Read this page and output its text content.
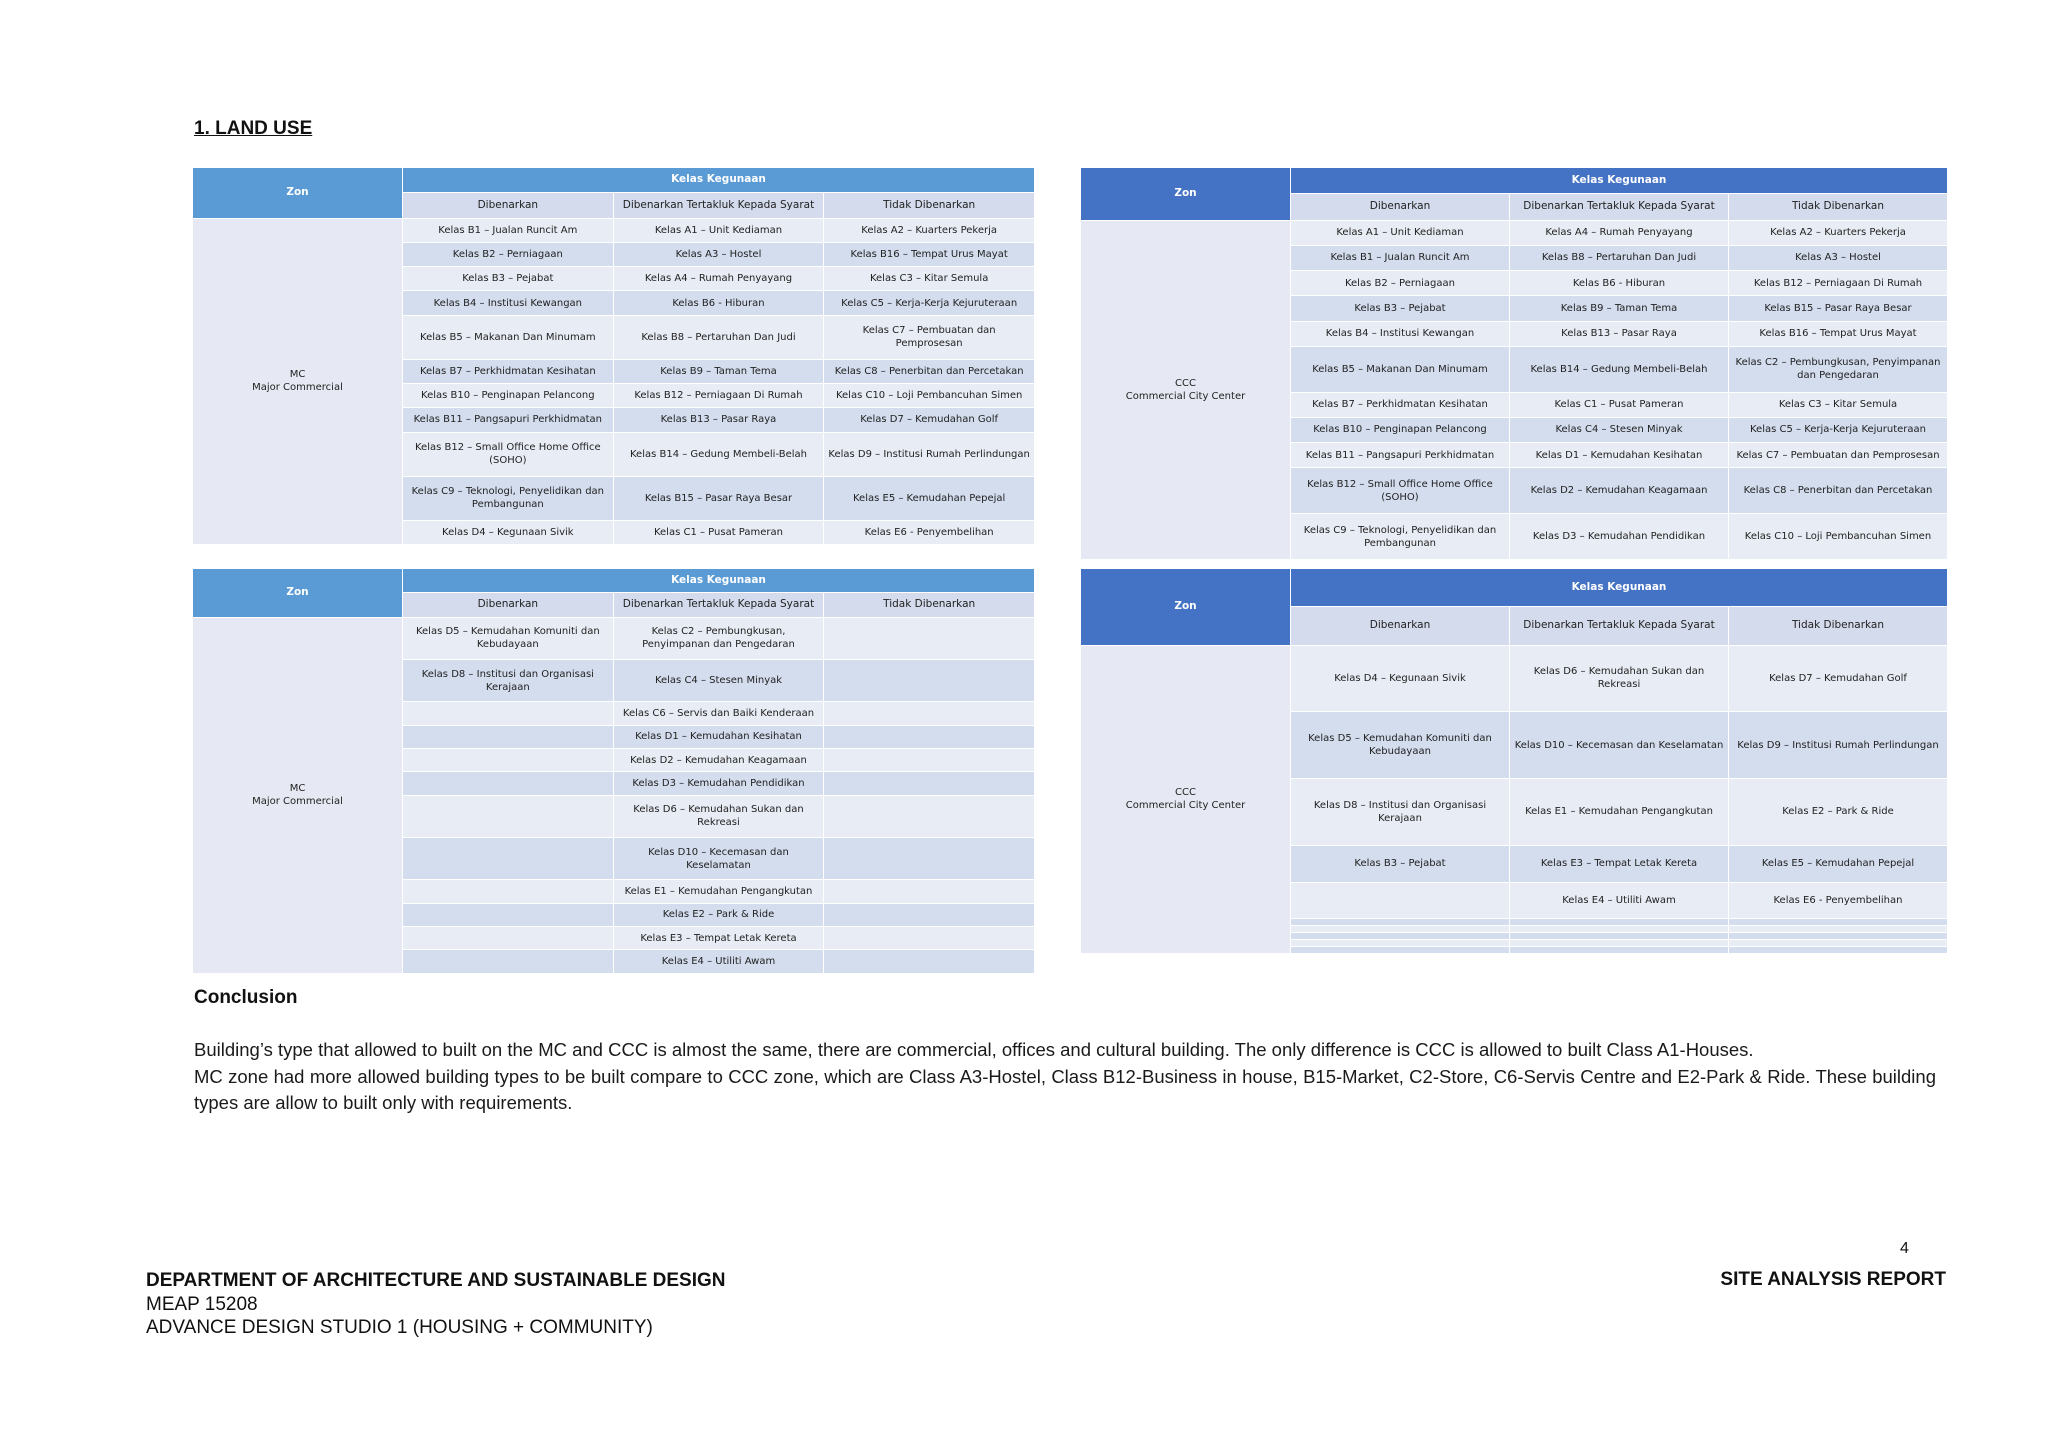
1. LAND USE
Zon	Kelas Kegunaan		
	Dibenarkan	Dibenarkan Tertakluk Kepada Syarat	Tidak Dibenarkan

MC
Major Commercial	Kelas B1 – Jualan Runcit Am	Kelas A1 – Unit Kediaman	Kelas A2 – Kuarters Pekerja
	Kelas B2 – Perniagaan	Kelas A3 – Hostel	Kelas B16 – Tempat Urus Mayat
	Kelas B3 – Pejabat	Kelas A4 – Rumah Penyayang	Kelas C3 – Kitar Semula
	Kelas B4 – Institusi Kewangan	Kelas B6 - Hiburan	Kelas C5 – Kerja-Kerja Kejuruteraan
	Kelas B5 – Makanan Dan Minumam	Kelas B8 – Pertaruhan Dan Judi	Kelas C7 – Pembuatan dan Pemprosesan
	Kelas B7 – Perkhidmatan Kesihatan	Kelas B9 – Taman Tema	Kelas C8 – Penerbitan dan Percetakan
	Kelas B10 – Penginapan Pelancong	Kelas B12 – Perniagaan Di Rumah	Kelas C10 – Loji Pembancuhan Simen
	Kelas B11 – Pangsapuri Perkhidmatan	Kelas B13 – Pasar Raya	Kelas D7 – Kemudahan Golf
	Kelas B12 – Small Office Home Office (SOHO)	Kelas B14 – Gedung Membeli-Belah	Kelas D9 – Institusi Rumah Perlindungan
	Kelas C9 – Teknologi, Penyelidikan dan Pembangunan	Kelas B15 – Pasar Raya Besar	Kelas E5 – Kemudahan Pepejal
	Kelas D4 – Kegunaan Sivik	Kelas C1 – Pusat Pameran	Kelas E6 - Penyembelihan
Zon	Kelas Kegunaan		
	Dibenarkan	Dibenarkan Tertakluk Kepada Syarat	Tidak Dibenarkan

CCC
Commercial City Center	Kelas A1 – Unit Kediaman	Kelas A4 – Rumah Penyayang	Kelas A2 – Kuarters Pekerja
	Kelas B1 – Jualan Runcit Am	Kelas B8 – Pertaruhan Dan Judi	Kelas A3 – Hostel
	Kelas B2 – Perniagaan	Kelas B6 - Hiburan	Kelas B12 – Perniagaan Di Rumah
	Kelas B3 – Pejabat	Kelas B9 – Taman Tema	Kelas B15 – Pasar Raya Besar
	Kelas B4 – Institusi Kewangan	Kelas B13 – Pasar Raya	Kelas B16 – Tempat Urus Mayat
	Kelas B5 – Makanan Dan Minumam	Kelas B14 – Gedung Membeli-Belah	Kelas C2 – Pembungkusan, Penyimpanan dan Pengedaran
	Kelas B7 – Perkhidmatan Kesihatan	Kelas C1 – Pusat Pameran	Kelas C3 – Kitar Semula
	Kelas B10 – Penginapan Pelancong	Kelas C4 – Stesen Minyak	Kelas C5 – Kerja-Kerja Kejuruteraan
	Kelas B11 – Pangsapuri Perkhidmatan	Kelas D1 – Kemudahan Kesihatan	Kelas C7 – Pembuatan dan Pemprosesan
	Kelas B12 – Small Office Home Office (SOHO)	Kelas D2 – Kemudahan Keagamaan	Kelas C8 – Penerbitan dan Percetakan
	Kelas C9 – Teknologi, Penyelidikan dan Pembangunan	Kelas D3 – Kemudahan Pendidikan	Kelas C10 – Loji Pembancuhan Simen
Zon	Kelas Kegunaan		
	Dibenarkan	Dibenarkan Tertakluk Kepada Syarat	Tidak Dibenarkan

MC
Major Commercial	Kelas D5 – Kemudahan Komuniti dan Kebudayaan	Kelas C2 – Pembungkusan, Penyimpanan dan Pengedaran	
	Kelas D8 – Institusi dan Organisasi Kerajaan	Kelas C4 – Stesen Minyak	
		Kelas C6 – Servis dan Baiki Kenderaan	
		Kelas D1 – Kemudahan Kesihatan	
		Kelas D2 – Kemudahan Keagamaan	
		Kelas D3 – Kemudahan Pendidikan	
		Kelas D6 – Kemudahan Sukan dan Rekreasi	
		Kelas D10 – Kecemasan dan Keselamatan	
		Kelas E1 – Kemudahan Pengangkutan	
		Kelas E2 – Park & Ride	
		Kelas E3 – Tempat Letak Kereta	
		Kelas E4 – Utiliti Awam	
Zon	Kelas Kegunaan		
	Dibenarkan	Dibenarkan Tertakluk Kepada Syarat	Tidak Dibenarkan

CCC
Commercial City Center	Kelas D4 – Kegunaan Sivik	Kelas D6 – Kemudahan Sukan dan Rekreasi	Kelas D7 – Kemudahan Golf
	Kelas D5 – Kemudahan Komuniti dan Kebudayaan	Kelas D10 – Kecemasan dan Keselamatan	Kelas D9 – Institusi Rumah Perlindungan
	Kelas D8 – Institusi dan Organisasi Kerajaan	Kelas E1 – Kemudahan Pengangkutan	Kelas E2 – Park & Ride
	Kelas B3 – Pejabat	Kelas E3 – Tempat Letak Kereta	Kelas E5 – Kemudahan Pepejal
		Kelas E4 – Utiliti Awam	Kelas E6 - Penyembelihan

Conclusion

Building’s type that allowed to built on the MC and CCC is almost the same, there are commercial, offices and cultural building. The only difference is CCC is allowed to built Class A1-Houses.

MC zone had more allowed building types to be built compare to CCC zone, which are Class A3-Hostel, Class B12-Business in house, B15-Market, C2-Store, C6-Servis Centre and E2-Park & Ride. These building types are allow to built only with requirements.

4
DEPARTMENT OF ARCHITECTURE AND SUSTAINABLE DESIGN
MEAP 15208
ADVANCE DESIGN STUDIO 1 (HOUSING + COMMUNITY)
SITE ANALYSIS REPORT
